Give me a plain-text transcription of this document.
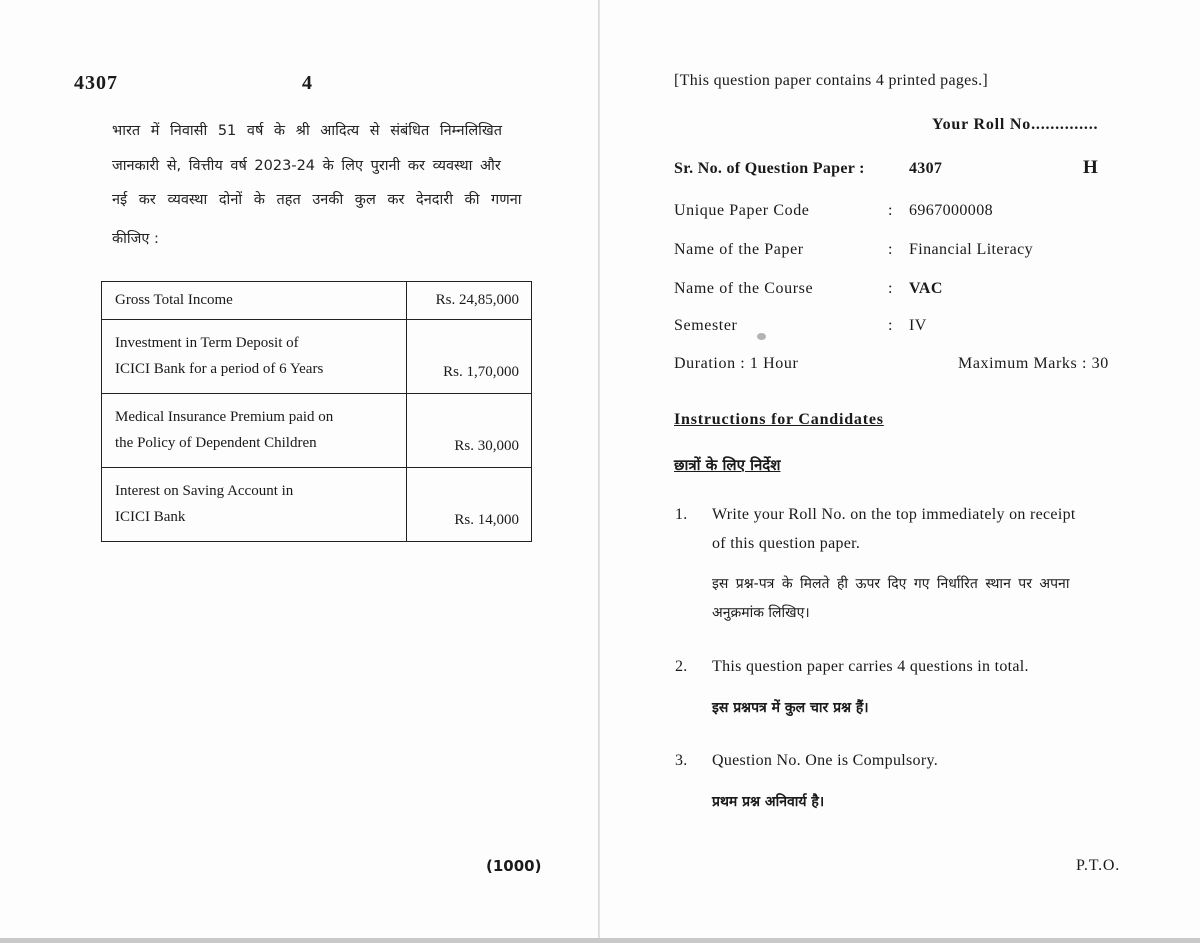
4307	4
भारत में निवासी 51 वर्ष के श्री आदित्य से संबंधित निम्नलिखित
जानकारी से, वित्तीय वर्ष 2023-24 के लिए पुरानी कर व्यवस्था और
नई कर व्यवस्था दोनों के तहत उनकी कुल कर देनदारी की गणना
कीजिए :
Gross Total Income	Rs. 24,85,000

Investment in Term Deposit of
ICICI Bank for a period of 6 Years	Rs. 1,70,000

Medical Insurance Premium paid on
the Policy of Dependent Children	Rs. 30,000

Interest on Saving Account in
ICICI Bank	Rs. 14,000
(1000)
[This question paper contains 4 printed pages.]
Your Roll No..............
Sr. No. of Question Paper :	4307	H
Unique Paper Code	: 6967000008
Name of the Paper	: Financial Literacy
Name of the Course	: VAC
Semester	: IV
Duration : 1 Hour	Maximum Marks : 30
Instructions for Candidates
छात्रों के लिए निर्देश
1. Write your Roll No. on the top immediately on receipt
of this question paper.
इस प्रश्न-पत्र के मिलते ही ऊपर दिए गए निर्धारित स्थान पर अपना
अनुक्रमांक लिखिए।
2. This question paper carries 4 questions in total.
इस प्रश्नपत्र में कुल चार प्रश्न हैं।
3. Question No. One is Compulsory.
प्रथम प्रश्न अनिवार्य है।
P.T.O.
